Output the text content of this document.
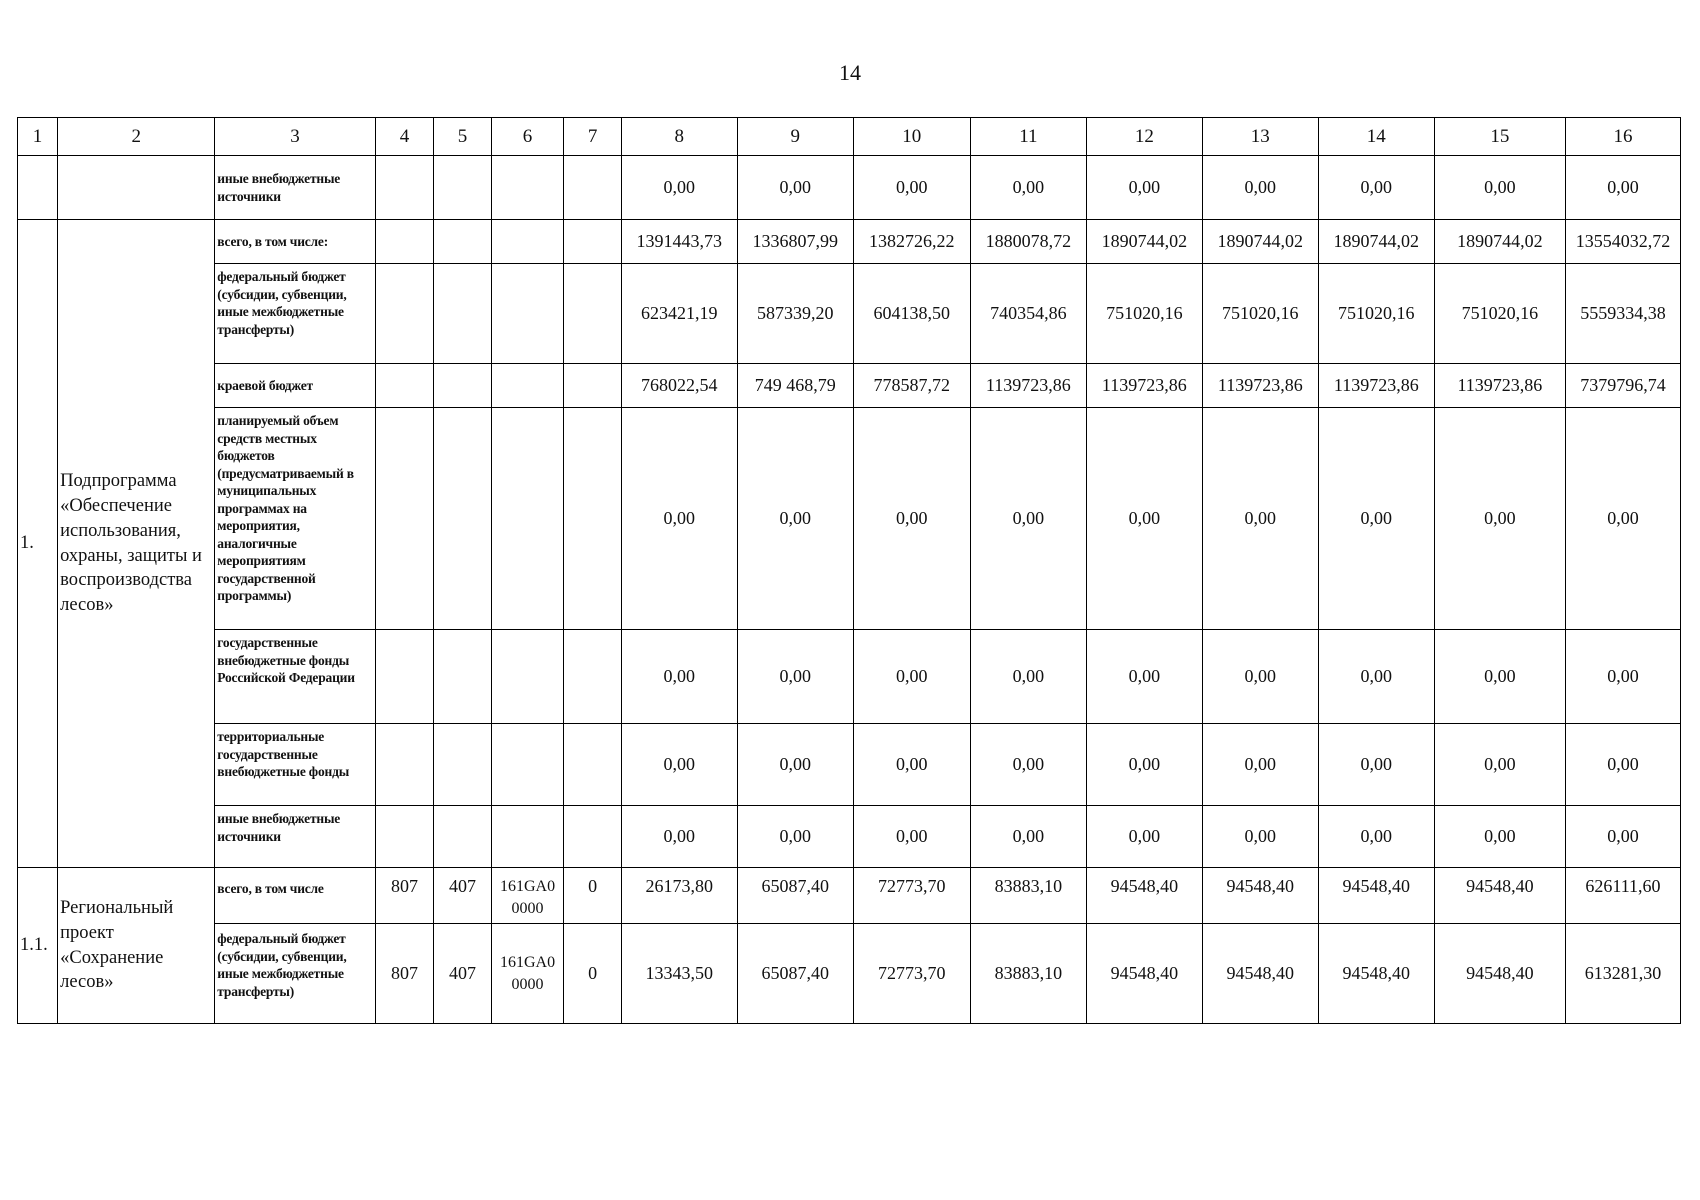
14
1	2	3	4	5	6	7	8	9	10	11	12	13	14	15	16
		иные внебюджетные источники					0,00	0,00	0,00	0,00	0,00	0,00	0,00	0,00	0,00
1.	Подпрограмма «Обеспечение использования, охраны, защиты и воспроизводства лесов»	всего, в том числе:					1391443,73	1336807,99	1382726,22	1880078,72	1890744,02	1890744,02	1890744,02	1890744,02	13554032,72
		федеральный бюджет (субсидии, субвенции, иные межбюджетные трансферты)					623421,19	587339,20	604138,50	740354,86	751020,16	751020,16	751020,16	751020,16	5559334,38
		краевой бюджет					768022,54	749 468,79	778587,72	1139723,86	1139723,86	1139723,86	1139723,86	1139723,86	7379796,74
		планируемый объем средств местных бюджетов (предусматриваемый в муниципальных программах на мероприятия, аналогичные мероприятиям государственной программы)					0,00	0,00	0,00	0,00	0,00	0,00	0,00	0,00	0,00
		государственные внебюджетные фонды Российской Федерации					0,00	0,00	0,00	0,00	0,00	0,00	0,00	0,00	0,00
		территориальные государственные внебюджетные фонды					0,00	0,00	0,00	0,00	0,00	0,00	0,00	0,00	0,00
		иные внебюджетные источники					0,00	0,00	0,00	0,00	0,00	0,00	0,00	0,00	0,00
1.1.	Региональный проект «Сохранение лесов»	всего, в том числе	807	407	161GA0 0000	0	26173,80	65087,40	72773,70	83883,10	94548,40	94548,40	94548,40	94548,40	626111,60
		федеральный бюджет (субсидии, субвенции, иные межбюджетные трансферты)	807	407	161GA0 0000	0	13343,50	65087,40	72773,70	83883,10	94548,40	94548,40	94548,40	94548,40	613281,30
